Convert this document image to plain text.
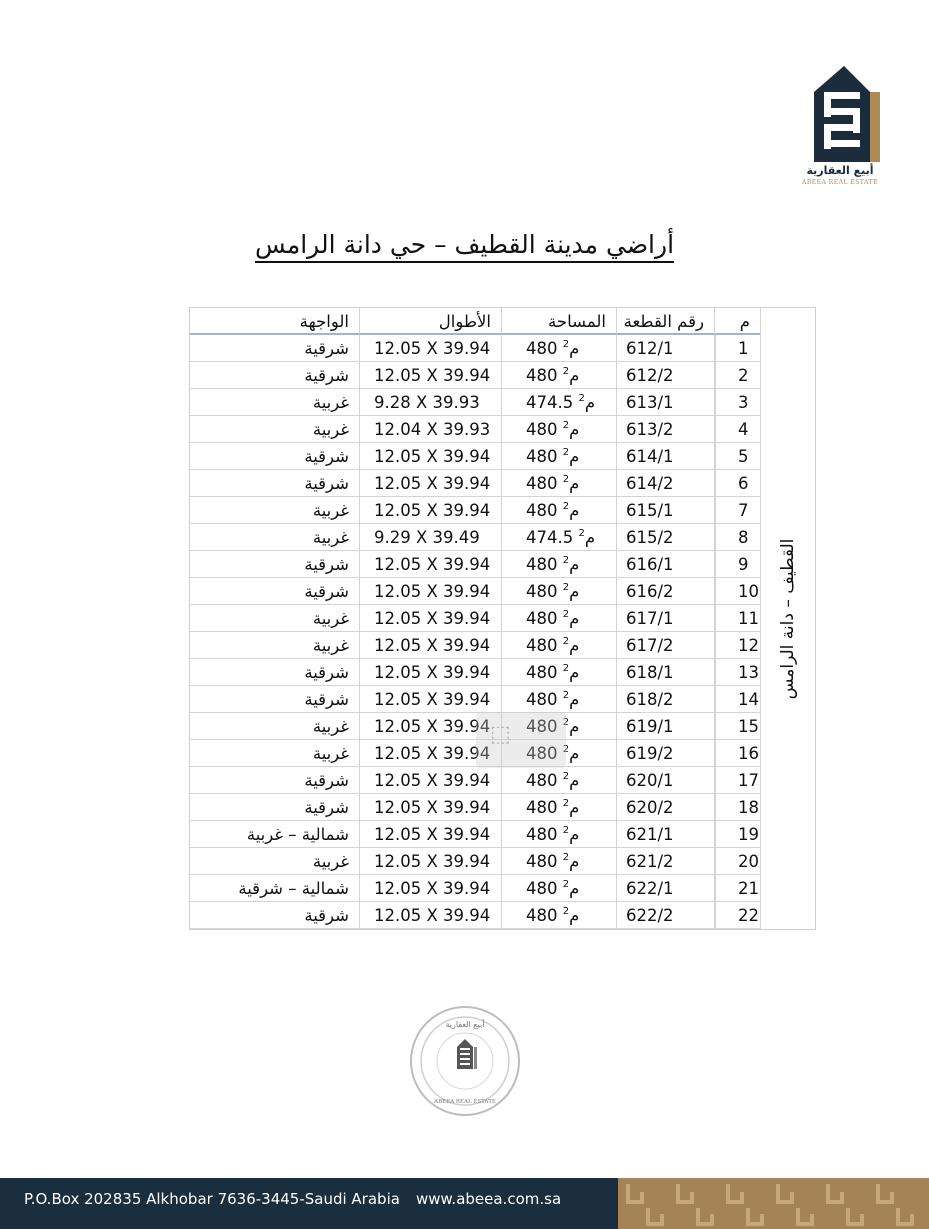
أبيع العقارية
ABEEA REAL ESTATE
أراضي مدينة القطيف – حي دانة الرامس
م
رقم القطعة
المساحة
الأطوال
الواجهة
1
612/1
480 م$^2$
12.05 X 39.94
شرقية
2
612/2
480 م$^2$
12.05 X 39.94
شرقية
3
613/1
474.5 م$^2$
9.28 X 39.93
غربية
4
613/2
480 م$^2$
12.04 X 39.93
غربية
5
614/1
480 م$^2$
12.05 X 39.94
شرقية
6
614/2
480 م$^2$
12.05 X 39.94
شرقية
7
615/1
480 م$^2$
12.05 X 39.94
غربية
8
615/2
474.5 م$^2$
9.29 X 39.49
غربية
9
616/1
480 م$^2$
12.05 X 39.94
شرقية
10
616/2
480 م$^2$
12.05 X 39.94
شرقية
11
617/1
480 م$^2$
12.05 X 39.94
غربية
12
617/2
480 م$^2$
12.05 X 39.94
غربية
13
618/1
480 م$^2$
12.05 X 39.94
شرقية
14
618/2
480 م$^2$
12.05 X 39.94
شرقية
15
619/1
480 م$^2$
12.05 X 39.94
غربية
16
619/2
480 م$^2$
12.05 X 39.94
غربية
17
620/1
480 م$^2$
12.05 X 39.94
شرقية
18
620/2
480 م$^2$
12.05 X 39.94
شرقية
19
621/1
480 م$^2$
12.05 X 39.94
شمالية – غربية
20
621/2
480 م$^2$
12.05 X 39.94
غربية
21
622/1
480 م$^2$
12.05 X 39.94
شمالية – شرقية
22
622/2
480 م$^2$
12.05 X 39.94
شرقية
القطيف – دانة الرامس
⬚
أبيع العقارية
ABEEA REAL ESTATE
P.O.Box 202835 Alkhobar 7636-3445-Saudi Arabia www.abeea.com.sa
